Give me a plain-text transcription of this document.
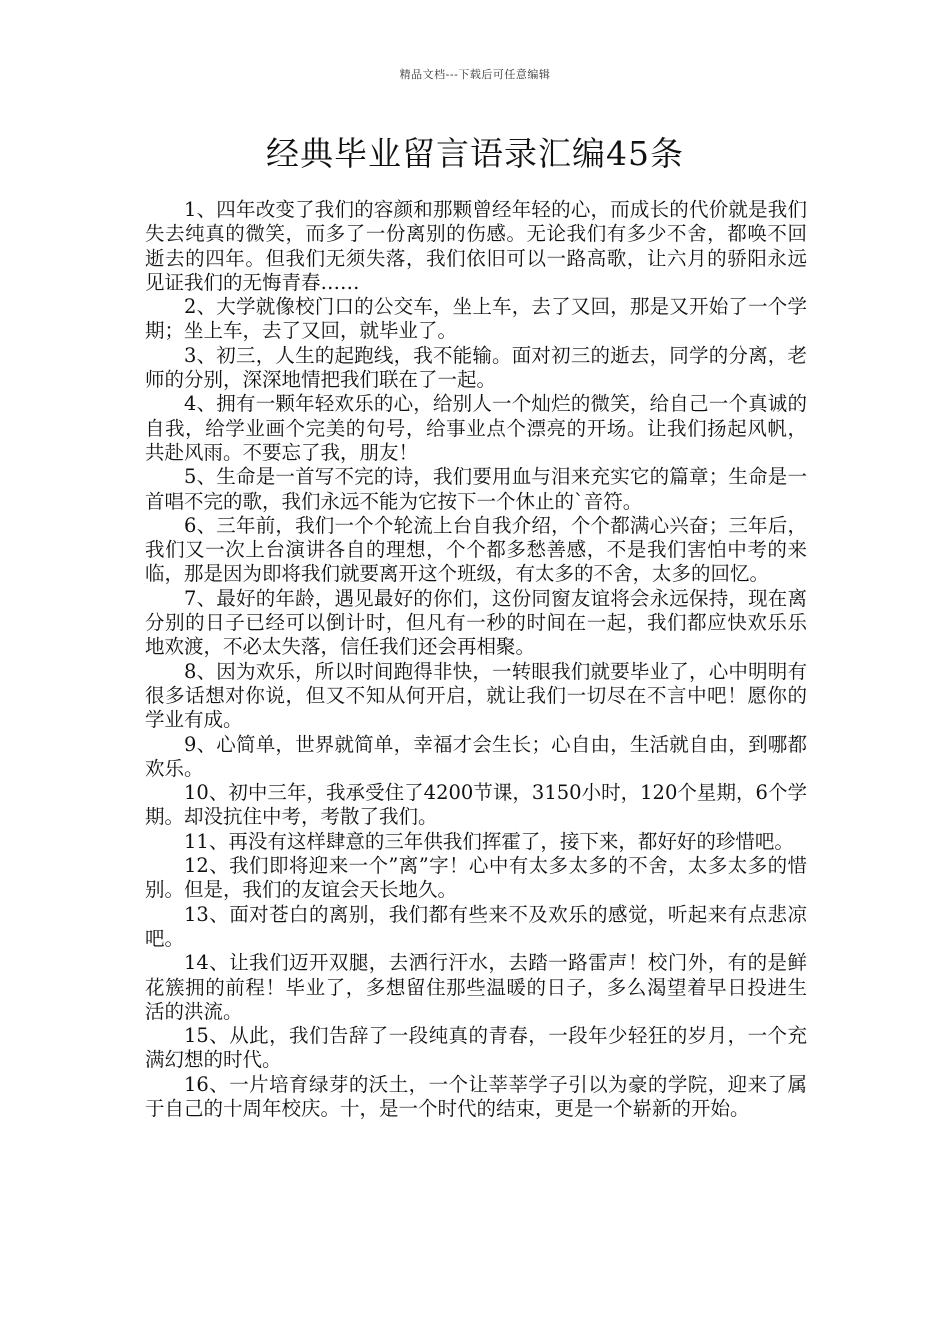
精品文档---下载后可任意编辑
经典毕业留言语录汇编45条

1、四年改变了我们的容颜和那颗曾经年轻的心，而成长的代价就是我们失去纯真的微笑，而多了一份离别的伤感。无论我们有多少不舍，都唤不回逝去的四年。但我们无须失落，我们依旧可以一路高歌，让六月的骄阳永远见证我们的无悔青春……

2、大学就像校门口的公交车，坐上车，去了又回，那是又开始了一个学期；坐上车，去了又回，就毕业了。

3、初三，人生的起跑线，我不能输。面对初三的逝去，同学的分离，老师的分别，深深地情把我们联在了一起。

4、拥有一颗年轻欢乐的心，给别人一个灿烂的微笑，给自己一个真诚的自我，给学业画个完美的句号，给事业点个漂亮的开场。让我们扬起风帆，共赴风雨。不要忘了我，朋友！

5、生命是一首写不完的诗，我们要用血与泪来充实它的篇章；生命是一首唱不完的歌，我们永远不能为它按下一个休止的`音符。

6、三年前，我们一个个轮流上台自我介绍，个个都满心兴奋；三年后，我们又一次上台演讲各自的理想，个个都多愁善感，不是我们害怕中考的来临，那是因为即将我们就要离开这个班级，有太多的不舍，太多的回忆。

7、最好的年龄，遇见最好的你们，这份同窗友谊将会永远保持，现在离分别的日子已经可以倒计时，但凡有一秒的时间在一起，我们都应快欢乐乐地欢渡，不必太失落，信任我们还会再相聚。

8、因为欢乐，所以时间跑得非快，一转眼我们就要毕业了，心中明明有很多话想对你说，但又不知从何开启，就让我们一切尽在不言中吧！愿你的学业有成。

9、心简单，世界就简单，幸福才会生长；心自由，生活就自由，到哪都欢乐。

10、初中三年，我承受住了4200节课，3150小时，120个星期，6个学期。却没抗住中考，考散了我们。

11、再没有这样肆意的三年供我们挥霍了，接下来，都好好的珍惜吧。

12、我们即将迎来一个”离”字！心中有太多太多的不舍，太多太多的惜别。但是，我们的友谊会天长地久。

13、面对苍白的离别，我们都有些来不及欢乐的感觉，听起来有点悲凉吧。

14、让我们迈开双腿，去洒行汗水，去踏一路雷声！校门外，有的是鲜花簇拥的前程！毕业了，多想留住那些温暖的日子，多么渴望着早日投进生活的洪流。

15、从此，我们告辞了一段纯真的青春，一段年少轻狂的岁月，一个充满幻想的时代。

16、一片培育绿芽的沃土，一个让莘莘学子引以为豪的学院，迎来了属于自己的十周年校庆。十，是一个时代的结束，更是一个崭新的开始。
